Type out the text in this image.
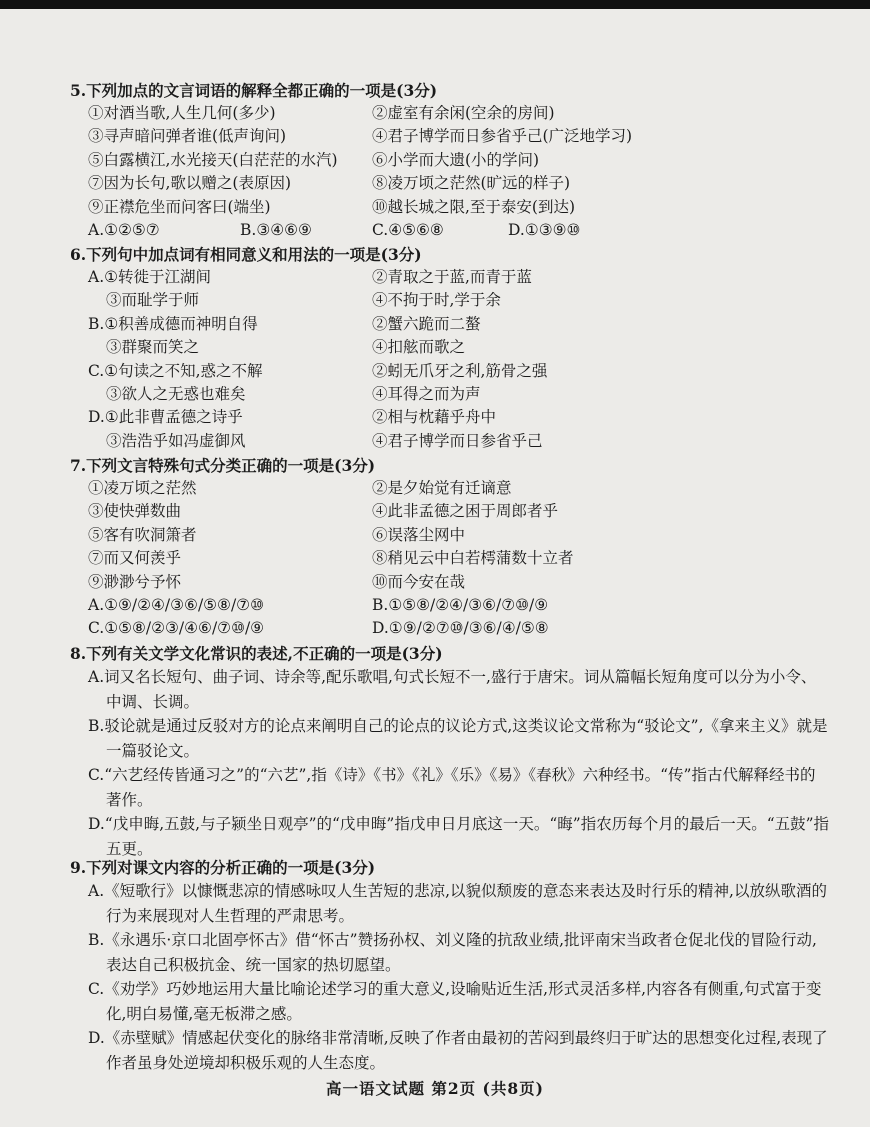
5.下列加点的文言词语的解释全都正确的一项是(3分)
①对酒当歌,人生几何(多少)	②虚室有余闲(空余的房间)
③寻声暗问弹者谁(低声询问)	④君子博学而日参省乎己(广泛地学习)
⑤白露横江,水光接天(白茫茫的水汽) ⑥小学而大遗(小的学问)
⑦因为长句,歌以赠之(表原因)	⑧凌万顷之茫然(旷远的样子)
⑨正襟危坐而问客曰(端坐)	⑩越长城之限,至于泰安(到达)
A.①②⑤⑦	B.③④⑥⑨	C.④⑤⑥⑧	D.①③⑨⑩
6.下列句中加点词有相同意义和用法的一项是(3分)
A.①转徙于江湖间	②青取之于蓝,而青于蓝
③而耻学于师	④不拘于时,学于余
B.①积善成德而神明自得	②蟹六跪而二螯
③群聚而笑之	④扣舷而歌之
C.①句读之不知,惑之不解	②蚓无爪牙之利,筋骨之强
③欲人之无惑也难矣	④耳得之而为声
D.①此非曹孟德之诗乎	②相与枕藉乎舟中
③浩浩乎如冯虚御风	④君子博学而日参省乎己
7.下列文言特殊句式分类正确的一项是(3分)
①凌万顷之茫然	②是夕始觉有迁谪意
③使快弹数曲	④此非孟德之困于周郎者乎
⑤客有吹洞箫者	⑥误落尘网中
⑦而又何羡乎	⑧稍见云中白若樗蒲数十立者
⑨渺渺兮予怀	⑩而今安在哉
A.①⑨/②④/③⑥/⑤⑧/⑦⑩	B.①⑤⑧/②④/③⑥/⑦⑩/⑨
C.①⑤⑧/②③/④⑥/⑦⑩/⑨	D.①⑨/②⑦⑩/③⑥/④/⑤⑧
8.下列有关文学文化常识的表述,不正确的一项是(3分)
A.词又名长短句、曲子词、诗余等,配乐歌唱,句式长短不一,盛行于唐宋。词从篇幅长短角度可以分为小令、中调、长调。
B.驳论就是通过反驳对方的论点来阐明自己的论点的议论方式,这类议论文常称为“驳论文”,《拿来主义》就是一篇驳论文。
C.“六艺经传皆通习之”的“六艺”,指《诗》《书》《礼》《乐》《易》《春秋》六种经书。“传”指古代解释经书的著作。
D.“戊申晦,五鼓,与子颍坐日观亭”的“戊申晦”指戊申日月底这一天。“晦”指农历每个月的最后一天。“五鼓”指五更。
9.下列对课文内容的分析正确的一项是(3分)
A.《短歌行》以慷慨悲凉的情感咏叹人生苦短的悲凉,以貌似颓废的意态来表达及时行乐的精神,以放纵歌酒的行为来展现对人生哲理的严肃思考。
B.《永遇乐·京口北固亭怀古》借“怀古”赞扬孙权、刘义隆的抗敌业绩,批评南宋当政者仓促北伐的冒险行动,表达自己积极抗金、统一国家的热切愿望。
C.《劝学》巧妙地运用大量比喻论述学习的重大意义,设喻贴近生活,形式灵活多样,内容各有侧重,句式富于变化,明白易懂,毫无板滞之感。
D.《赤壁赋》情感起伏变化的脉络非常清晰,反映了作者由最初的苦闷到最终归于旷达的思想变化过程,表现了作者虽身处逆境却积极乐观的人生态度。
高一语文试题 第2页 (共8页)
